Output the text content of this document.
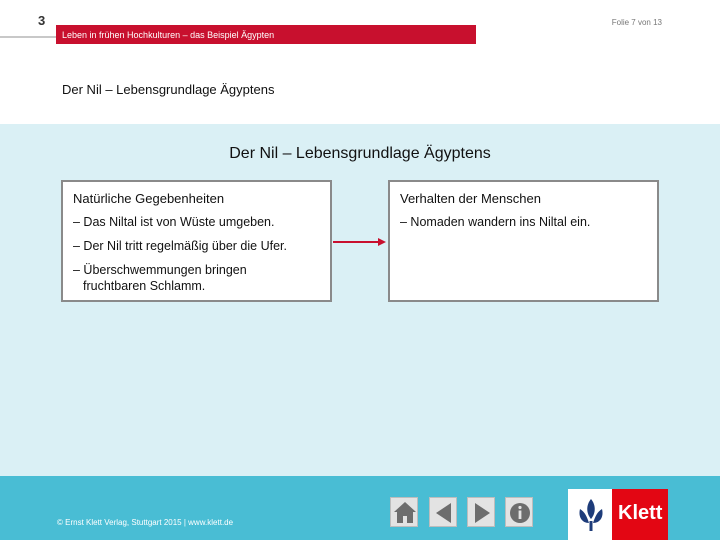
3
Leben in frühen Hochkulturen – das Beispiel Ägypten
Folie 7 von 13
Der Nil – Lebensgrundlage Ägyptens
Der Nil – Lebensgrundlage Ägyptens
Natürliche Gegebenheiten
– Das Niltal ist von Wüste umgeben.
– Der Nil tritt regelmäßig über die Ufer.
– Überschwemmungen bringen
fruchtbaren Schlamm.
Verhalten der Menschen
– Nomaden wandern ins Niltal ein.
© Ernst Klett Verlag, Stuttgart 2015 | www.klett.de	Klett
